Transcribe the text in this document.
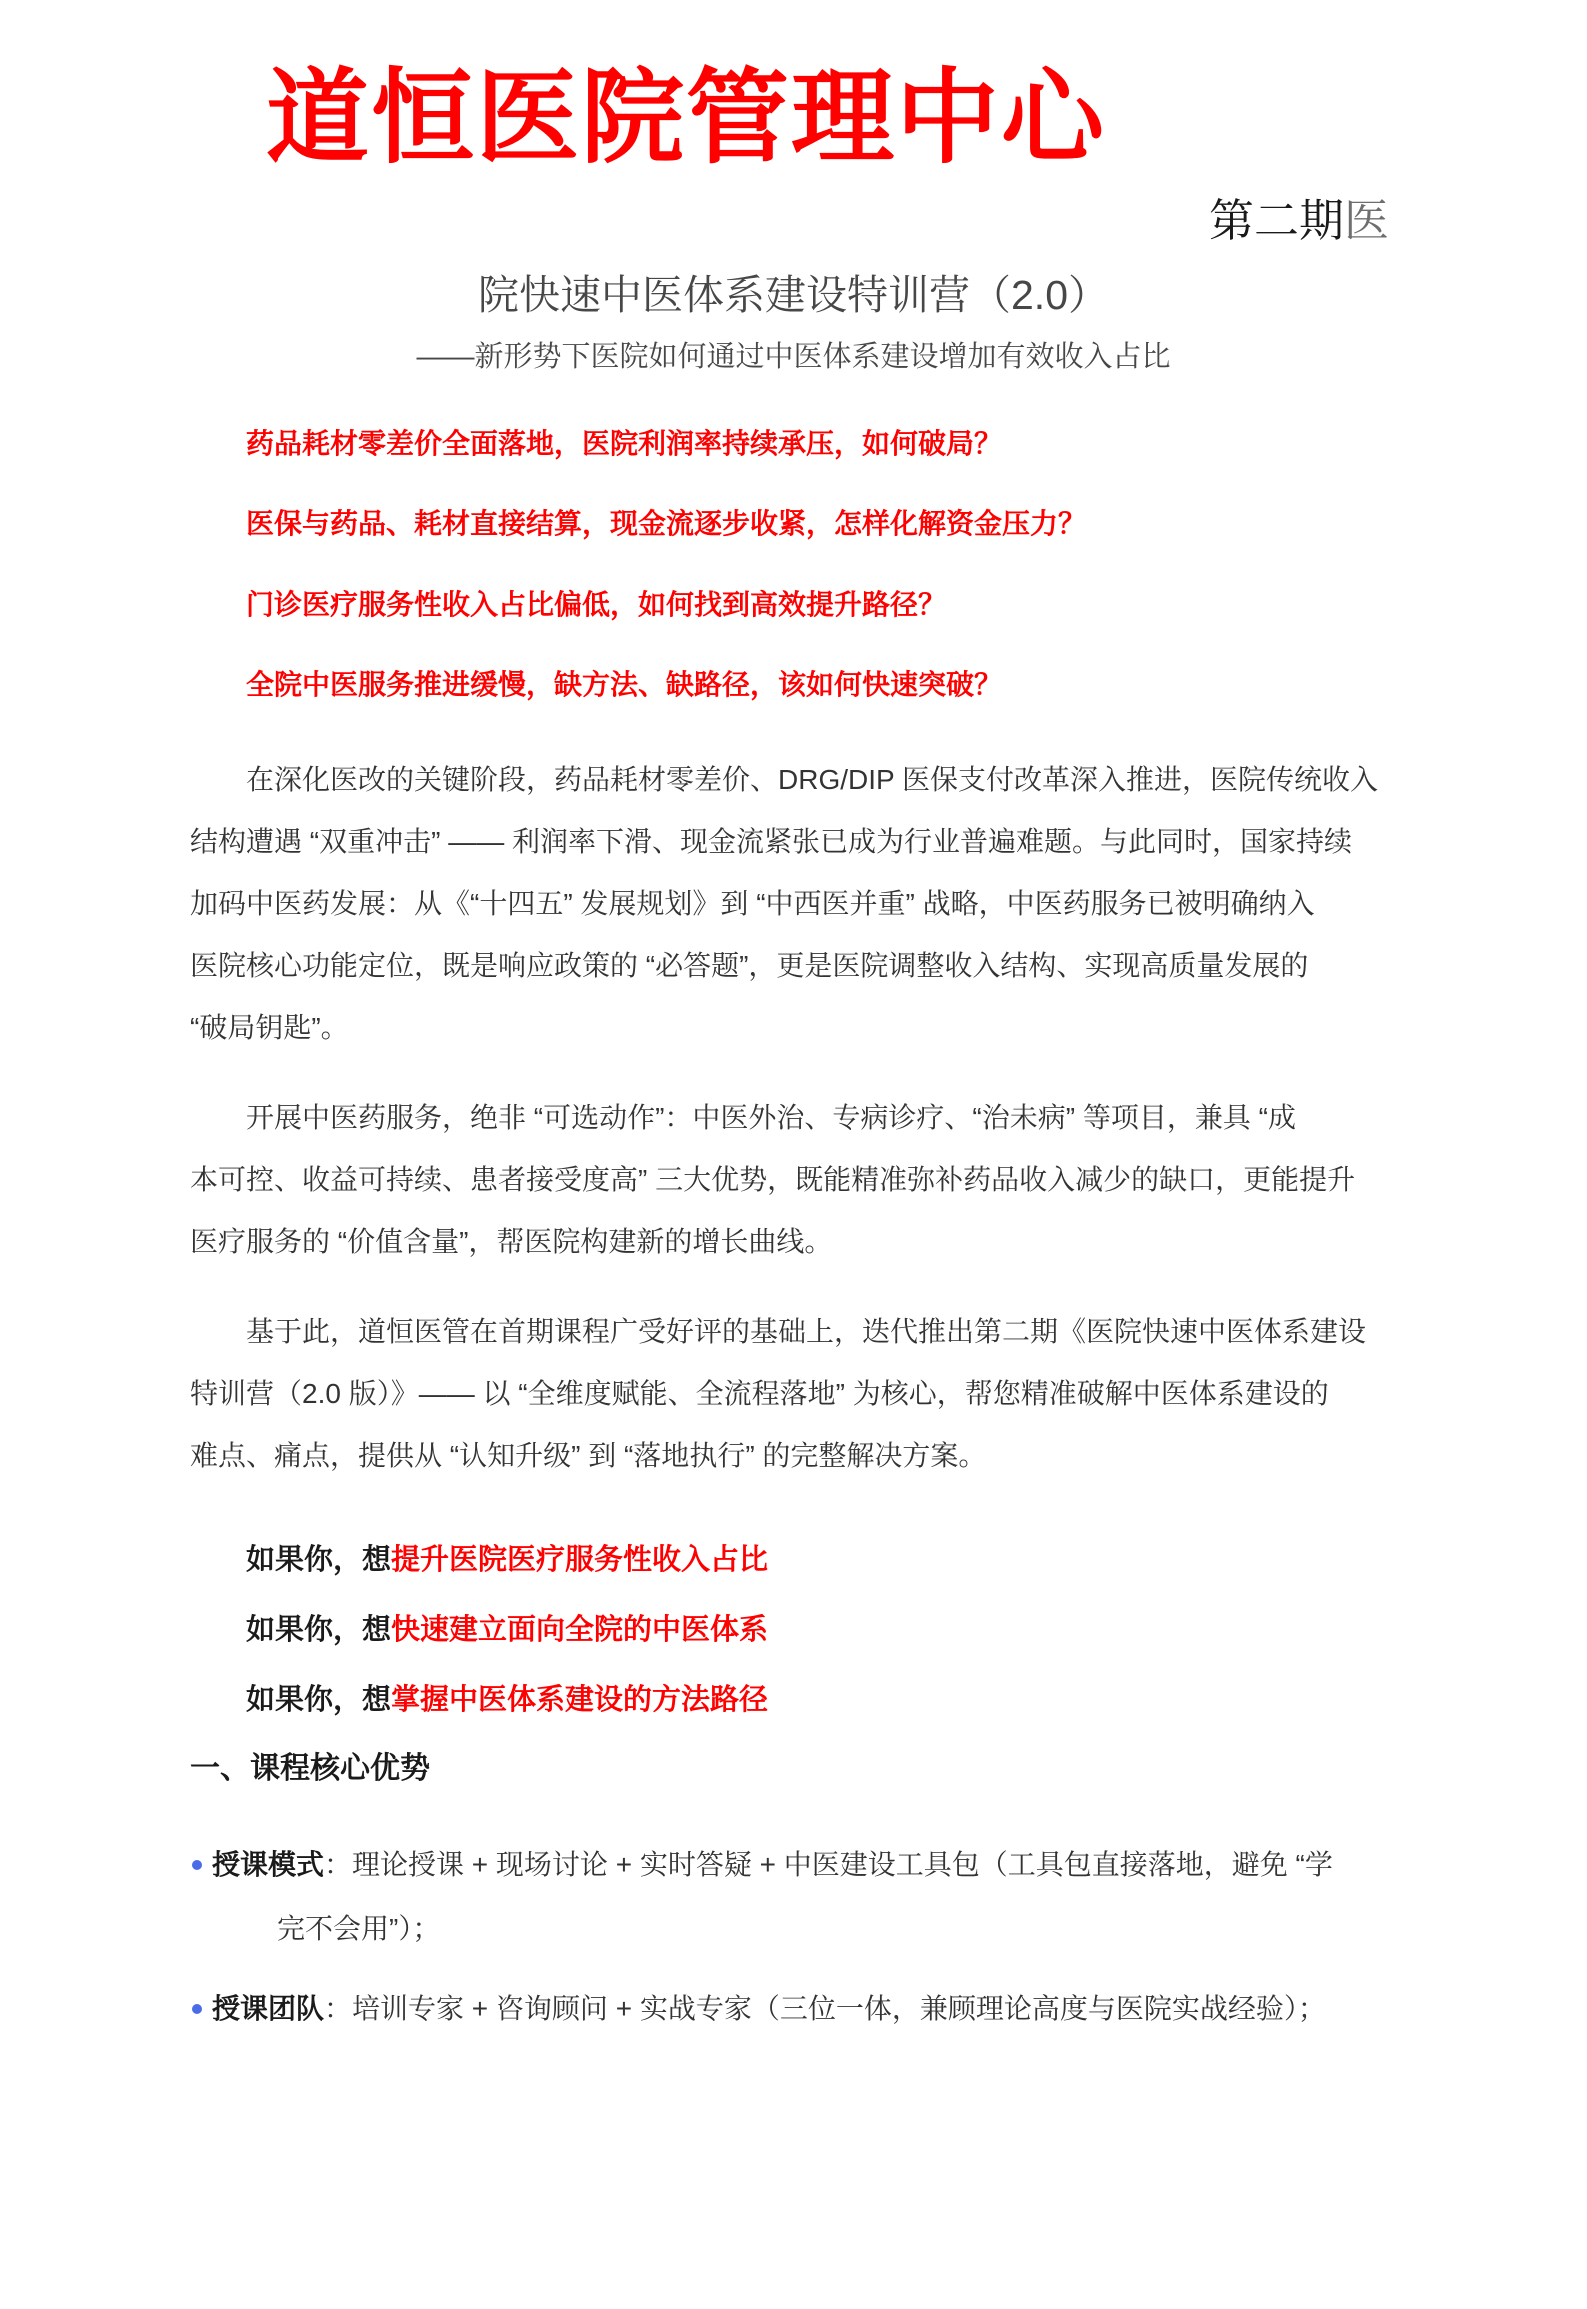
道恒医院管理中心
第二期医
院快速中医体系建设特训营（2.0）
——新形势下医院如何通过中医体系建设增加有效收入占比

药品耗材零差价全面落地，医院利润率持续承压，如何破局？

医保与药品、耗材直接结算，现金流逐步收紧，怎样化解资金压力？

门诊医疗服务性收入占比偏低，如何找到高效提升路径？

全院中医服务推进缓慢，缺方法、缺路径，该如何快速突破？

在深化医改的关键阶段，药品耗材零差价、DRG/DIP 医保支付改革深入推进，医院传统收入
结构遭遇 “双重冲击” —— 利润率下滑、现金流紧张已成为行业普遍难题。与此同时，国家持续
加码中医药发展：从《“十四五” 发展规划》到 “中西医并重” 战略，中医药服务已被明确纳入
医院核心功能定位，既是响应政策的 “必答题”，更是医院调整收入结构、实现高质量发展的
“破局钥匙”。
开展中医药服务，绝非 “可选动作”：中医外治、专病诊疗、“治未病” 等项目，兼具 “成
本可控、收益可持续、患者接受度高” 三大优势，既能精准弥补药品收入减少的缺口，更能提升
医疗服务的 “价值含量”，帮医院构建新的增长曲线。
基于此，道恒医管在首期课程广受好评的基础上，迭代推出第二期《医院快速中医体系建设
特训营（2.0 版）》—— 以 “全维度赋能、全流程落地” 为核心，帮您精准破解中医体系建设的
难点、痛点，提供从 “认知升级” 到 “落地执行” 的完整解决方案。
如果你，想提升医院医疗服务性收入占比
如果你，想快速建立面向全院的中医体系
如果你，想掌握中医体系建设的方法路径
一、课程核心优势
授课模式：理论授课 + 现场讨论 + 实时答疑 + 中医建设工具包（工具包直接落地，避免 “学
完不会用”）；
授课团队：培训专家 + 咨询顾问 + 实战专家（三位一体，兼顾理论高度与医院实战经验）；
